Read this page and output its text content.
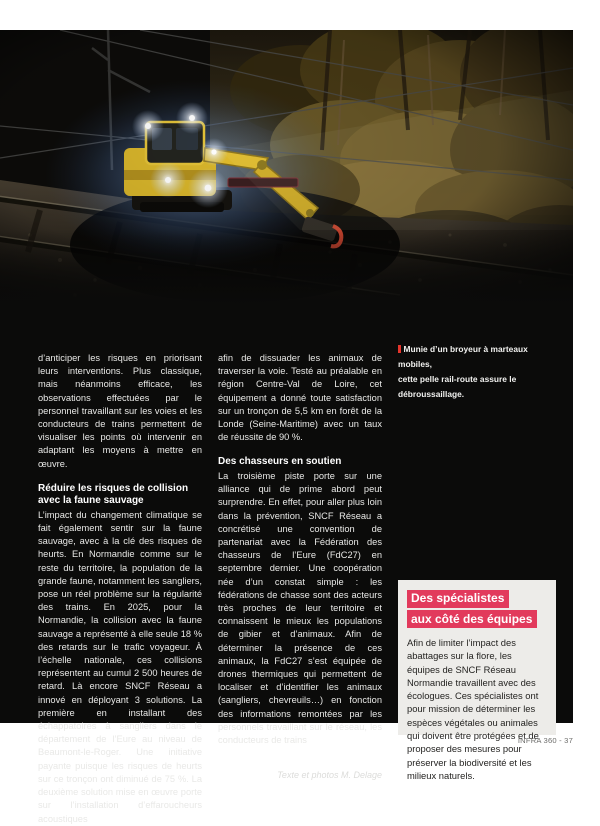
Munie d’un broyeur à marteaux mobiles,
cette pelle rail-route assure le débroussaillage.

d’anticiper les risques en priorisant leurs interventions. Plus classique, mais néanmoins efficace, les observations effectuées par le personnel travaillant sur les voies et les conducteurs de trains permettent de visualiser les points où intervenir en adaptant les moyens à mettre en œuvre.

Réduire les risques de collision avec la faune sauvage

L’impact du changement climatique se fait également sentir sur la faune sauvage, avec à la clé des risques de heurts. En Normandie comme sur le reste du territoire, la population de la grande faune, notamment les sangliers, pose un réel problème sur la régularité des trains. En 2025, pour la Normandie, la collision avec la faune sauvage a représenté à elle seule 18 % des retards sur le trafic voyageur. À l’échelle nationale, ces collisions représentent au cumul 2 500 heures de retard. Là encore SNCF Réseau a innové en déployant 3 solutions. La première en installant des échappatoires à sangliers dans le département de l’Eure au niveau de Beaumont-le-Roger. Une initiative payante puisque les risques de heurts sur ce tronçon ont diminué de 75 %. La deuxième solution mise en œuvre porte sur l’installation d’effaroucheurs acoustiques

afin de dissuader les animaux de traverser la voie. Testé au préalable en région Centre-Val de Loire, cet équipement a donné toute satisfaction sur un tronçon de 5,5 km en forêt de la Londe (Seine-Maritime) avec un taux de réussite de 90 %.

Des chasseurs en soutien

La troisième piste porte sur une alliance qui de prime abord peut surprendre. En effet, pour aller plus loin dans la prévention, SNCF Réseau a concrétisé une convention de partenariat avec la Fédération des chasseurs de l’Eure (FdC27) en septembre dernier. Une coopération née d’un constat simple : les fédérations de chasse sont des acteurs très proches de leur territoire et connaissent le mieux les populations de gibier et d’animaux. Afin de déterminer la présence de ces animaux, la FdC27 s’est équipée de drones thermiques qui permettent de localiser et d’identifier les animaux (sangliers, chevreuils…) en fonction des informations remontées par les personnels travaillant sur le réseau, les conducteurs de trains ◗

Texte et photos M. Delage

Des spécialistes
aux côté des équipes
Afin de limiter l’impact des abattages sur la flore, les équipes de SNCF Réseau Normandie travaillent avec des écologues. Ces spécialistes ont pour mission de déterminer les espèces végétales ou animales qui doivent être protégées et de proposer des mesures pour préserver la biodiversité et les milieux naturels.
INFRA 360 - 37
